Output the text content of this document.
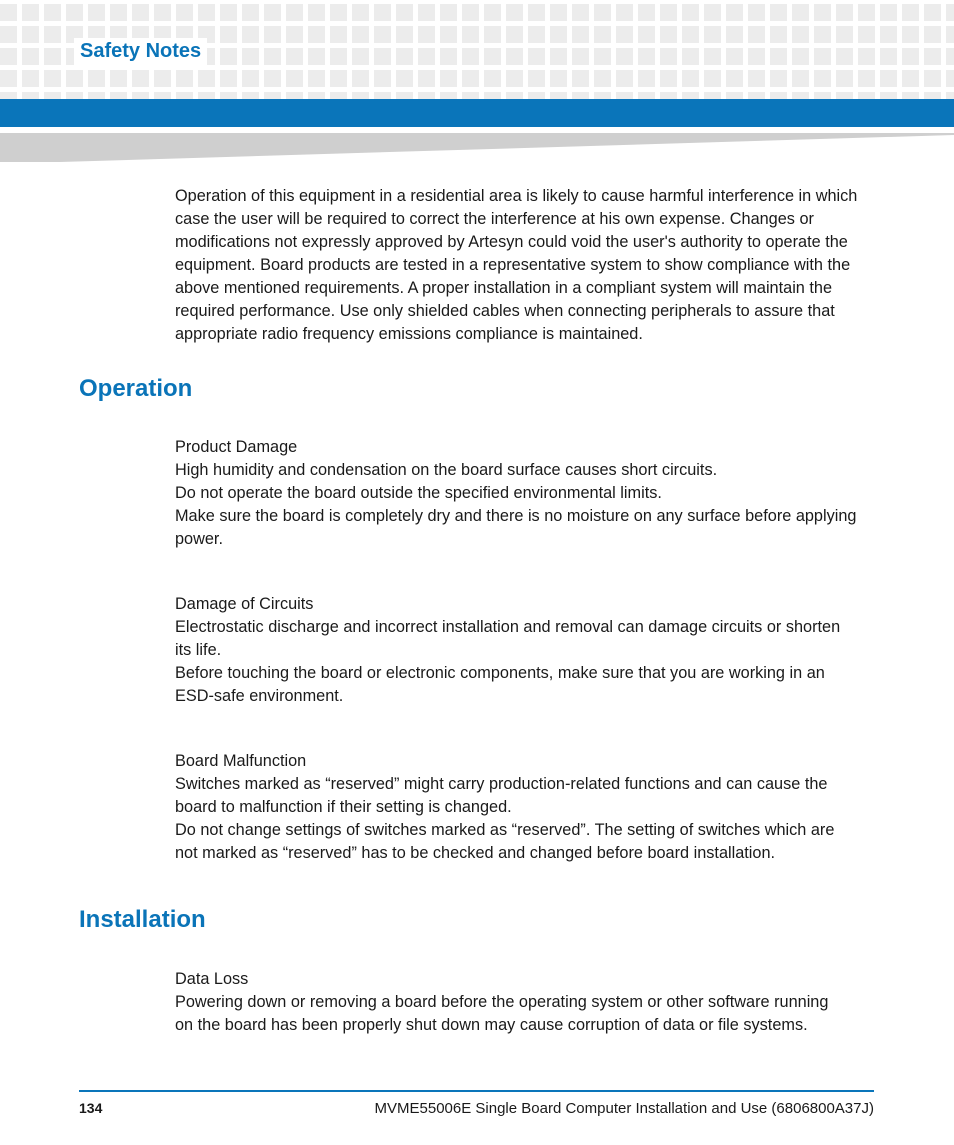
Safety Notes
Operation of this equipment in a residential area is likely to cause harmful interference in which
case the user will be required to correct the interference at his own expense. Changes or
modifications not expressly approved by Artesyn could void the user's authority to operate the
equipment. Board products are tested in a representative system to show compliance with the
above mentioned requirements. A proper installation in a compliant system will maintain the
required performance. Use only shielded cables when connecting peripherals to assure that
appropriate radio frequency emissions compliance is maintained.
Operation
Product Damage
High humidity and condensation on the board surface causes short circuits.
Do not operate the board outside the specified environmental limits.
Make sure the board is completely dry and there is no moisture on any surface before applying
power.
Damage of Circuits
Electrostatic discharge and incorrect installation and removal can damage circuits or shorten
its life.
Before touching the board or electronic components, make sure that you are working in an
ESD-safe environment.
Board Malfunction
Switches marked as “reserved” might carry production-related functions and can cause the
board to malfunction if their setting is changed.
Do not change settings of switches marked as “reserved”. The setting of switches which are
not marked as “reserved” has to be checked and changed before board installation.
Installation
Data Loss
Powering down or removing a board before the operating system or other software running
on the board has been properly shut down may cause corruption of data or file systems.
134	MVME55006E Single Board Computer Installation and Use (6806800A37J)
